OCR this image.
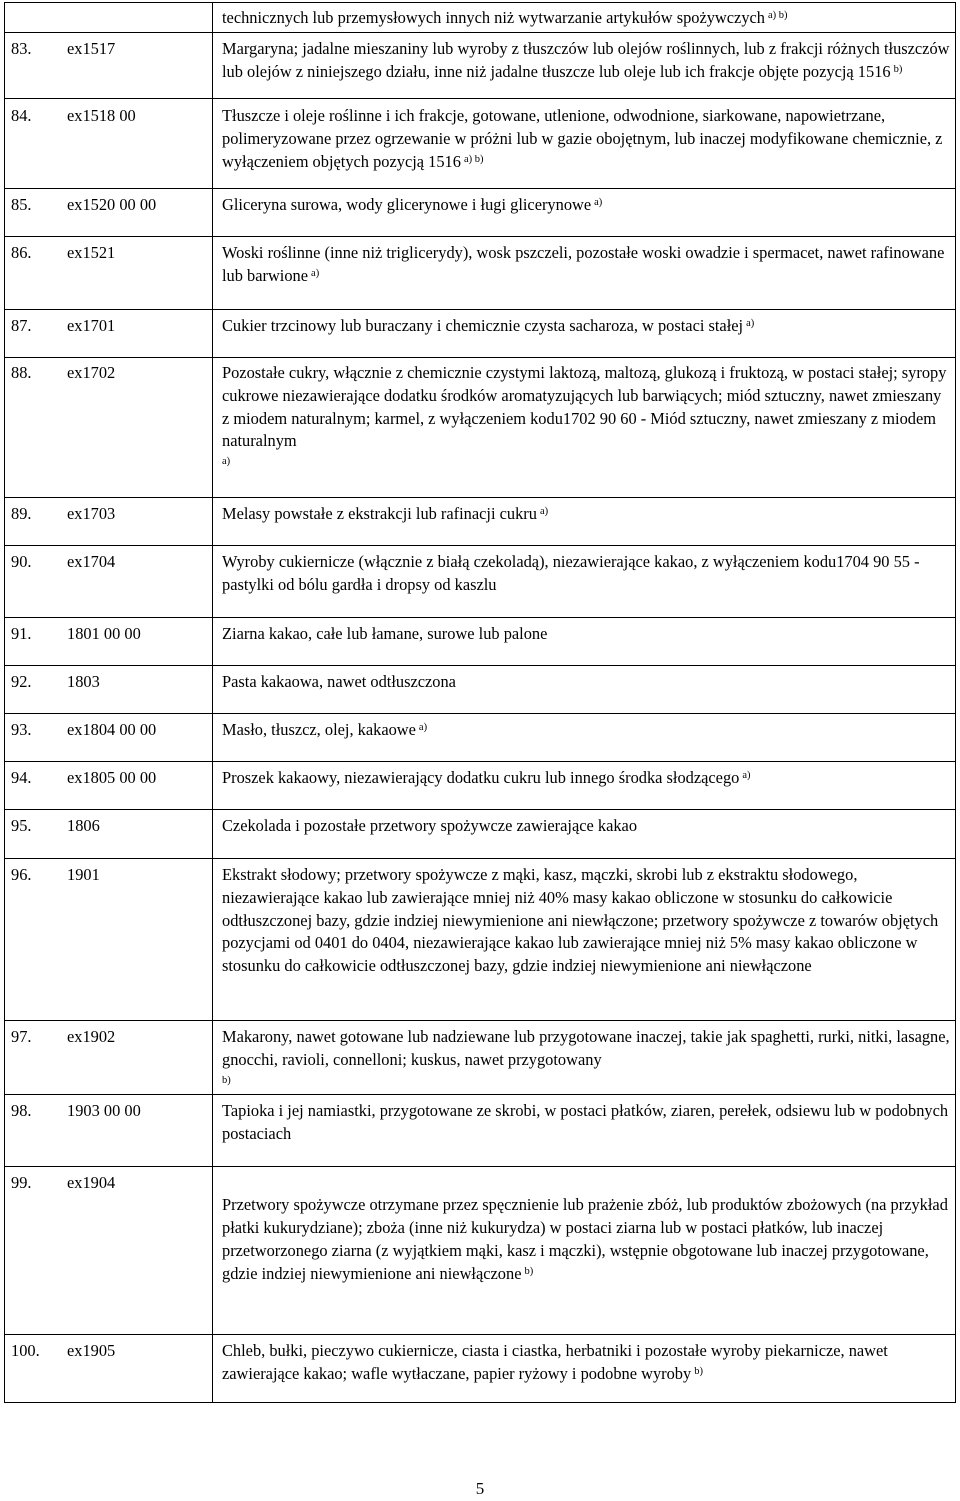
	technicznych lub przemysłowych innych niż wytwarzanie artykułów spożywczych $^{a) b)}$

83. ex1517	Margaryna; jadalne mieszaniny lub wyroby z tłuszczów lub olejów roślinnych, lub z frakcji różnych tłuszczów lub olejów z niniejszego działu, inne niż jadalne tłuszcze lub oleje lub ich frakcje objęte pozycją 1516 $^{b)}$

84. ex1518 00	Tłuszcze i oleje roślinne i ich frakcje, gotowane, utlenione, odwodnione, siarkowane, napowietrzane, polimeryzowane przez ogrzewanie w próżni lub w gazie obojętnym, lub inaczej modyfikowane chemicznie, z wyłączeniem objętych pozycją 1516 $^{a) b)}$

85. ex1520 00 00	Gliceryna surowa, wody glicerynowe i ługi glicerynowe $^{a)}$

86. ex1521	Woski roślinne (inne niż triglicerydy), wosk pszczeli, pozostałe woski owadzie i spermacet, nawet rafinowane lub barwione $^{a)}$

87. ex1701	Cukier trzcinowy lub buraczany i chemicznie czysta sacharoza, w postaci stałej $^{a)}$

88. ex1702	Pozostałe cukry, włącznie z chemicznie czystymi laktozą, maltozą, glukozą i fruktozą, w postaci stałej; syropy cukrowe niezawierające dodatku środków aromatyzujących lub barwiących; miód sztuczny, nawet zmieszany z miodem naturalnym; karmel, z wyłączeniem kodu1702 90 60 - Miód sztuczny, nawet zmieszany z miodem naturalnym
$^{a)}$

89. ex1703	Melasy powstałe z ekstrakcji lub rafinacji cukru $^{a)}$

90. ex1704	Wyroby cukiernicze (włącznie z białą czekoladą), niezawierające kakao, z wyłączeniem kodu1704 90 55 - pastylki od bólu gardła i dropsy od kaszlu

91. 1801 00 00	Ziarna kakao, całe lub łamane, surowe lub palone

92. 1803	Pasta kakaowa, nawet odtłuszczona

93. ex1804 00 00	Masło, tłuszcz, olej, kakaowe $^{a)}$

94. ex1805 00 00	Proszek kakaowy, niezawierający dodatku cukru lub innego środka słodzącego $^{a)}$

95. 1806	Czekolada i pozostałe przetwory spożywcze zawierające kakao

96. 1901	Ekstrakt słodowy; przetwory spożywcze z mąki, kasz, mączki, skrobi lub z ekstraktu słodowego, niezawierające kakao lub zawierające mniej niż 40% masy kakao obliczone w stosunku do całkowicie odtłuszczonej bazy, gdzie indziej niewymienione ani niewłączone; przetwory spożywcze z towarów objętych pozycjami od 0401 do 0404, niezawierające kakao lub zawierające mniej niż 5% masy kakao obliczone w stosunku do całkowicie odtłuszczonej bazy, gdzie indziej niewymienione ani niewłączone

97. ex1902	Makarony, nawet gotowane lub nadziewane lub przygotowane inaczej, takie jak spaghetti, rurki, nitki, lasagne, gnocchi, ravioli, connelloni; kuskus, nawet przygotowany
$^{b)}$

98. 1903 00 00	Tapioka i jej namiastki, przygotowane ze skrobi, w postaci płatków, ziaren, perełek, odsiewu lub w podobnych postaciach

99. ex1904	Przetwory spożywcze otrzymane przez spęcznienie lub prażenie zbóż, lub produktów zbożowych (na przykład płatki kukurydziane); zboża (inne niż kukurydza) w postaci ziarna lub w postaci płatków, lub inaczej przetworzonego ziarna (z wyjątkiem mąki, kasz i mączki), wstępnie obgotowane lub inaczej przygotowane, gdzie indziej niewymienione ani niewłączone $^{b)}$

100. ex1905	Chleb, bułki, pieczywo cukiernicze, ciasta i ciastka, herbatniki i pozostałe wyroby piekarnicze, nawet zawierające kakao; wafle wytłaczane, papier ryżowy i podobne wyroby $^{b)}$
5
